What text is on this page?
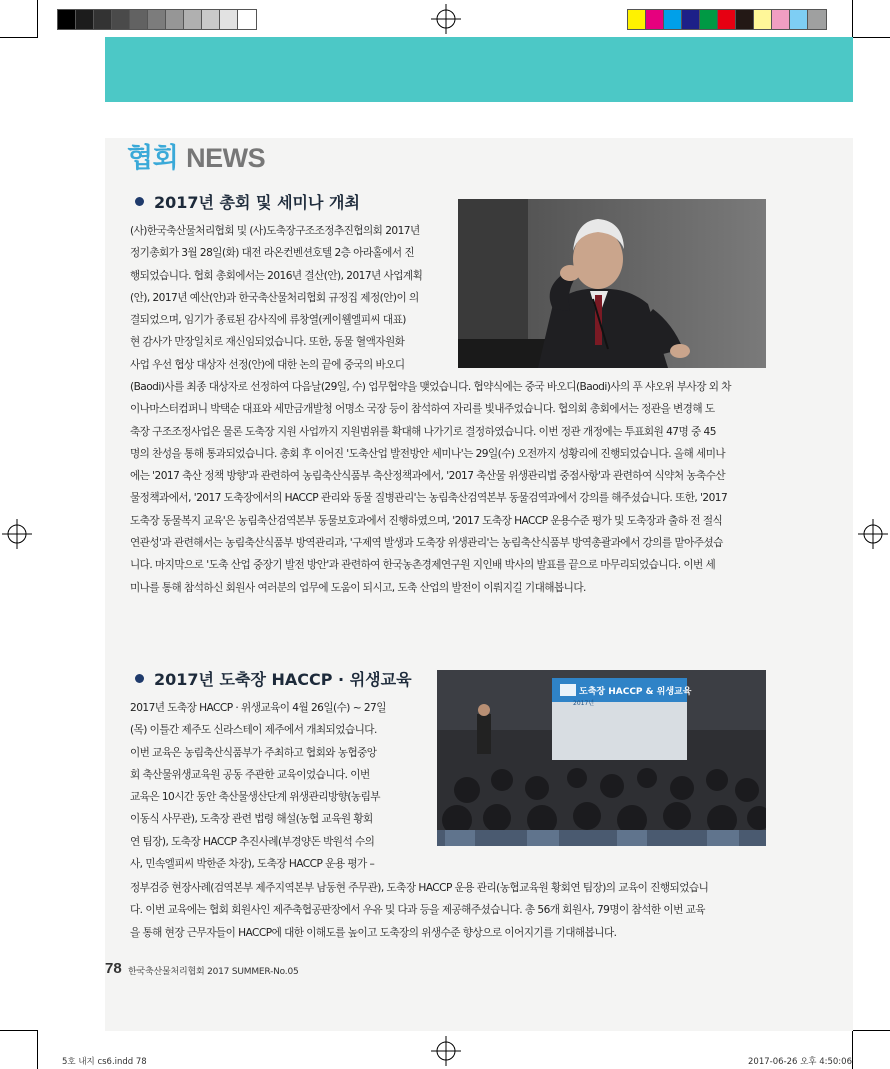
협회 NEWS
2017년 총회 및 세미나 개최
(사)한국축산물처리협회 및 (사)도축장구조조정추진협의회 2017년
정기총회가 3월 28일(화) 대전 라온컨벤션호텔 2층 아라홀에서 진
행되었습니다. 협회 총회에서는 2016년 결산(안), 2017년 사업계획
(안), 2017년 예산(안)과 한국축산물처리협회 규정집 제정(안)이 의
결되었으며, 임기가 종료된 감사직에 류창열(케이웰엘피씨 대표)
현 감사가 만장일치로 재신임되었습니다. 또한, 동물 혈액자원화
사업 우선 협상 대상자 선정(안)에 대한 논의 끝에 중국의 바오디
(Baodi)사를 최종 대상자로 선정하여 다음날(29일, 수) 업무협약을 맺었습니다. 협약식에는 중국 바오디(Baodi)사의 푸 샤오위 부사장 외 차
이나마스터컴퍼니 박택순 대표와 세만금개발청 어명소 국장 등이 참석하여 자리를 빛내주었습니다. 협의회 총회에서는 정관을 변경해 도
축장 구조조정사업은 물론 도축장 지원 사업까지 지원범위를 확대해 나가기로 결정하였습니다. 이번 정관 개정에는 투표회원 47명 중 45
명의 찬성을 통해 통과되었습니다. 총회 후 이어진 '도축산업 발전방안 세미나'는 29일(수) 오전까지 성황리에 진행되었습니다. 올해 세미나
에는 '2017 축산 정책 방향'과 관련하여 농림축산식품부 축산정책과에서, '2017 축산물 위생관리법 중점사항'과 관련하여 식약처 농축수산
물정책과에서, '2017 도축장에서의 HACCP 관리와 동물 질병관리'는 농림축산검역본부 동물검역과에서 강의를 해주셨습니다. 또한, '2017
도축장 동물복지 교육'은 농림축산검역본부 동물보호과에서 진행하였으며, '2017 도축장 HACCP 운용수준 평가 및 도축장과 출하 전 절식
연관성'과 관련해서는 농림축산식품부 방역관리과, '구제역 발생과 도축장 위생관리'는 농림축산식품부 방역총괄과에서 강의를 맡아주셨습
니다. 마지막으로 '도축 산업 중장기 발전 방안'과 관련하여 한국농촌경제연구원 지인배 박사의 발표를 끝으로 마무리되었습니다. 이번 세
미나를 통해 참석하신 회원사 여러분의 업무에 도움이 되시고, 도축 산업의 발전이 이뤄지길 기대해봅니다.
2017년 도축장 HACCP · 위생교육
2017년
도축장 HACCP & 위생교육
2017년 도축장 HACCP · 위생교육이 4월 26일(수) ~ 27일
(목) 이틀간 제주도 신라스테이 제주에서 개최되었습니다.
이번 교육은 농림축산식품부가 주최하고 협회와 농협중앙
회 축산물위생교육원 공동 주관한 교육이었습니다. 이번
교육은 10시간 동안 축산물생산단계 위생관리방향(농림부
이동식 사무관), 도축장 관련 법령 해설(농협 교육원 황회
연 팀장), 도축장 HACCP 추진사례(부경양돈 박원석 수의
사, 민속엘피씨 박한준 차장), 도축장 HACCP 운용 평가 –
정부검증 현장사례(검역본부 제주지역본부 남동현 주무관), 도축장 HACCP 운용 관리(농협교육원 황회연 팀장)의 교육이 진행되었습니
다. 이번 교육에는 협회 회원사인 제주축협공판장에서 우유 및 다과 등을 제공해주셨습니다. 총 56개 회원사, 79명이 참석한 이번 교육
을 통해 현장 근무자들이 HACCP에 대한 이해도를 높이고 도축장의 위생수준 향상으로 이어지기를 기대해봅니다.
78 한국축산물처리협회 2017 SUMMER-No.05
5호 내지 cs6.indd 78	2017-06-26 오후 4:50:06
